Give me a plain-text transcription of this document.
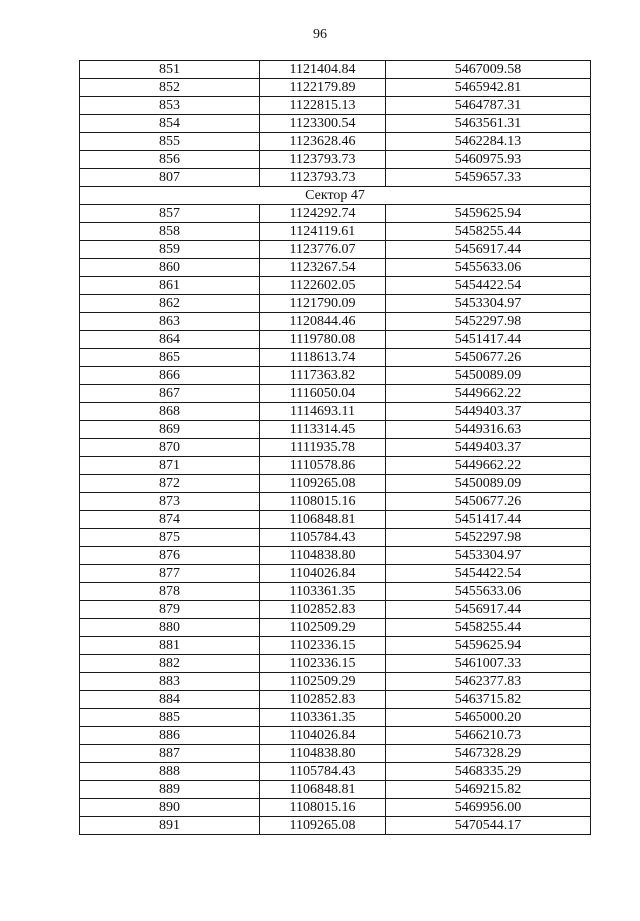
96
851	1121404.84	5467009.58
852	1122179.89	5465942.81
853	1122815.13	5464787.31
854	1123300.54	5463561.31
855	1123628.46	5462284.13
856	1123793.73	5460975.93
807	1123793.73	5459657.33
Сектор 47		
857	1124292.74	5459625.94
858	1124119.61	5458255.44
859	1123776.07	5456917.44
860	1123267.54	5455633.06
861	1122602.05	5454422.54
862	1121790.09	5453304.97
863	1120844.46	5452297.98
864	1119780.08	5451417.44
865	1118613.74	5450677.26
866	1117363.82	5450089.09
867	1116050.04	5449662.22
868	1114693.11	5449403.37
869	1113314.45	5449316.63
870	1111935.78	5449403.37
871	1110578.86	5449662.22
872	1109265.08	5450089.09
873	1108015.16	5450677.26
874	1106848.81	5451417.44
875	1105784.43	5452297.98
876	1104838.80	5453304.97
877	1104026.84	5454422.54
878	1103361.35	5455633.06
879	1102852.83	5456917.44
880	1102509.29	5458255.44
881	1102336.15	5459625.94
882	1102336.15	5461007.33
883	1102509.29	5462377.83
884	1102852.83	5463715.82
885	1103361.35	5465000.20
886	1104026.84	5466210.73
887	1104838.80	5467328.29
888	1105784.43	5468335.29
889	1106848.81	5469215.82
890	1108015.16	5469956.00
891	1109265.08	5470544.17
